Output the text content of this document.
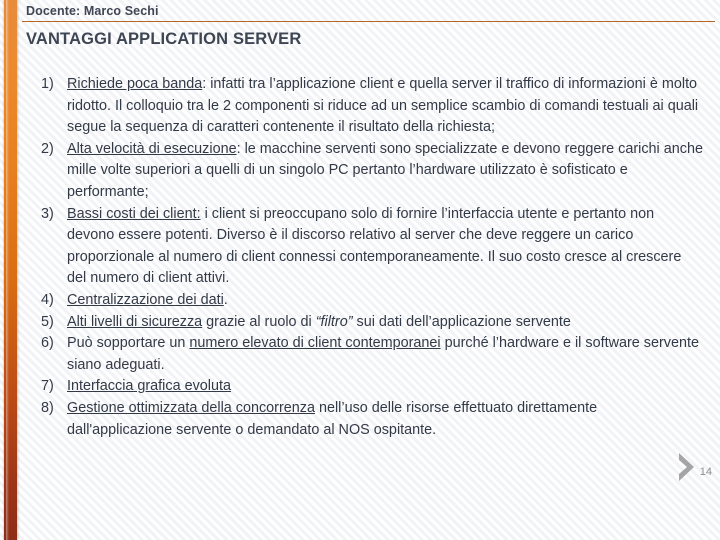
Docente: Marco Sechi
VANTAGGI APPLICATION SERVER
1) Richiede poca banda: infatti tra l’applicazione client e quella server il traffico di informazioni è molto ridotto. Il colloquio tra le 2 componenti si riduce ad un semplice scambio di comandi testuali ai quali segue la sequenza di caratteri contenente il risultato della richiesta;
2) Alta velocità di esecuzione: le macchine serventi sono specializzate e devono reggere carichi anche mille volte superiori a quelli di un singolo PC pertanto l’hardware utilizzato è sofisticato e performante;
3) Bassi costi dei client: i client si preoccupano solo di fornire l’interfaccia utente e pertanto non devono essere potenti. Diverso è il discorso relativo al server che deve reggere un carico proporzionale al numero di client connessi contemporaneamente. Il suo costo cresce al crescere del numero di client attivi.
4) Centralizzazione dei dati.
5) Alti livelli di sicurezza grazie al ruolo di “filtro” sui dati dell’applicazione servente
6) Può sopportare un numero elevato di client contemporanei purché l’hardware e il software servente siano adeguati.
7) Interfaccia grafica evoluta
8) Gestione ottimizzata della concorrenza nell’uso delle risorse effettuato direttamente dall'applicazione servente o demandato al NOS ospitante.
14
